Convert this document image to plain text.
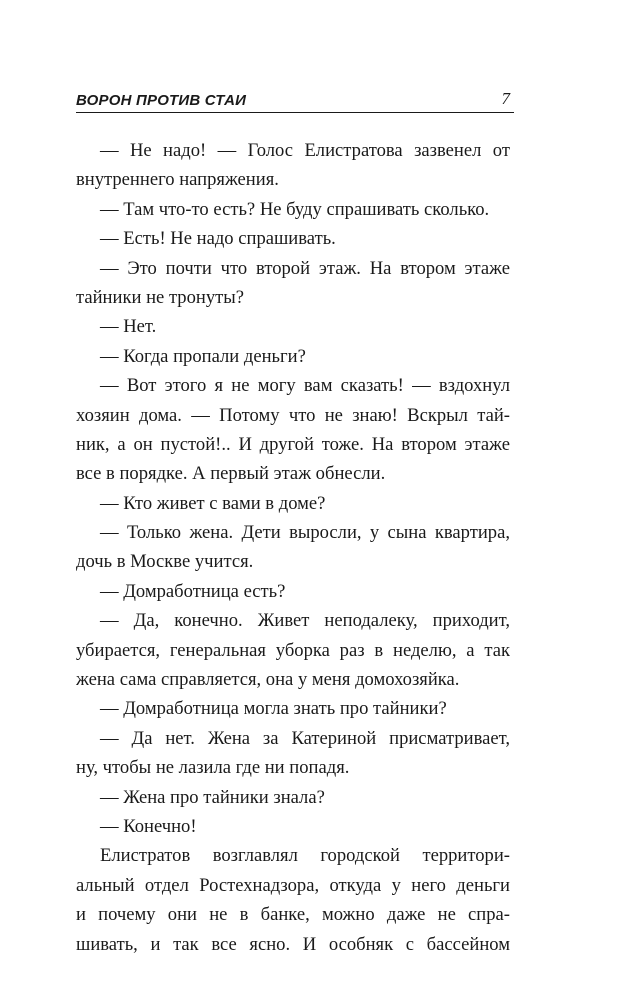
ВОРОН ПРОТИВ СТАИ	7
— Не надо! — Голос Елистратова зазвенел от
внутреннего напряжения.
— Там что-то есть? Не буду спрашивать сколько.
— Есть! Не надо спрашивать.
— Это почти что второй этаж. На втором этаже
тайники не тронуты?
— Нет.
— Когда пропали деньги?
— Вот этого я не могу вам сказать! — вздохнул
хозяин дома. — Потому что не знаю! Вскрыл тай-
ник, а он пустой!.. И другой тоже. На втором этаже
все в порядке. А первый этаж обнесли.
— Кто живет с вами в доме?
— Только жена. Дети выросли, у сына квартира,
дочь в Москве учится.
— Домработница есть?
— Да, конечно. Живет неподалеку, приходит,
убирается, генеральная уборка раз в неделю, а так
жена сама справляется, она у меня домохозяйка.
— Домработница могла знать про тайники?
— Да нет. Жена за Катериной присматривает,
ну, чтобы не лазила где ни попадя.
— Жена про тайники знала?
— Конечно!
Елистратов возглавлял городской территори-
альный отдел Ростехнадзора, откуда у него деньги
и почему они не в банке, можно даже не спра-
шивать, и так все ясно. И особняк с бассейном
